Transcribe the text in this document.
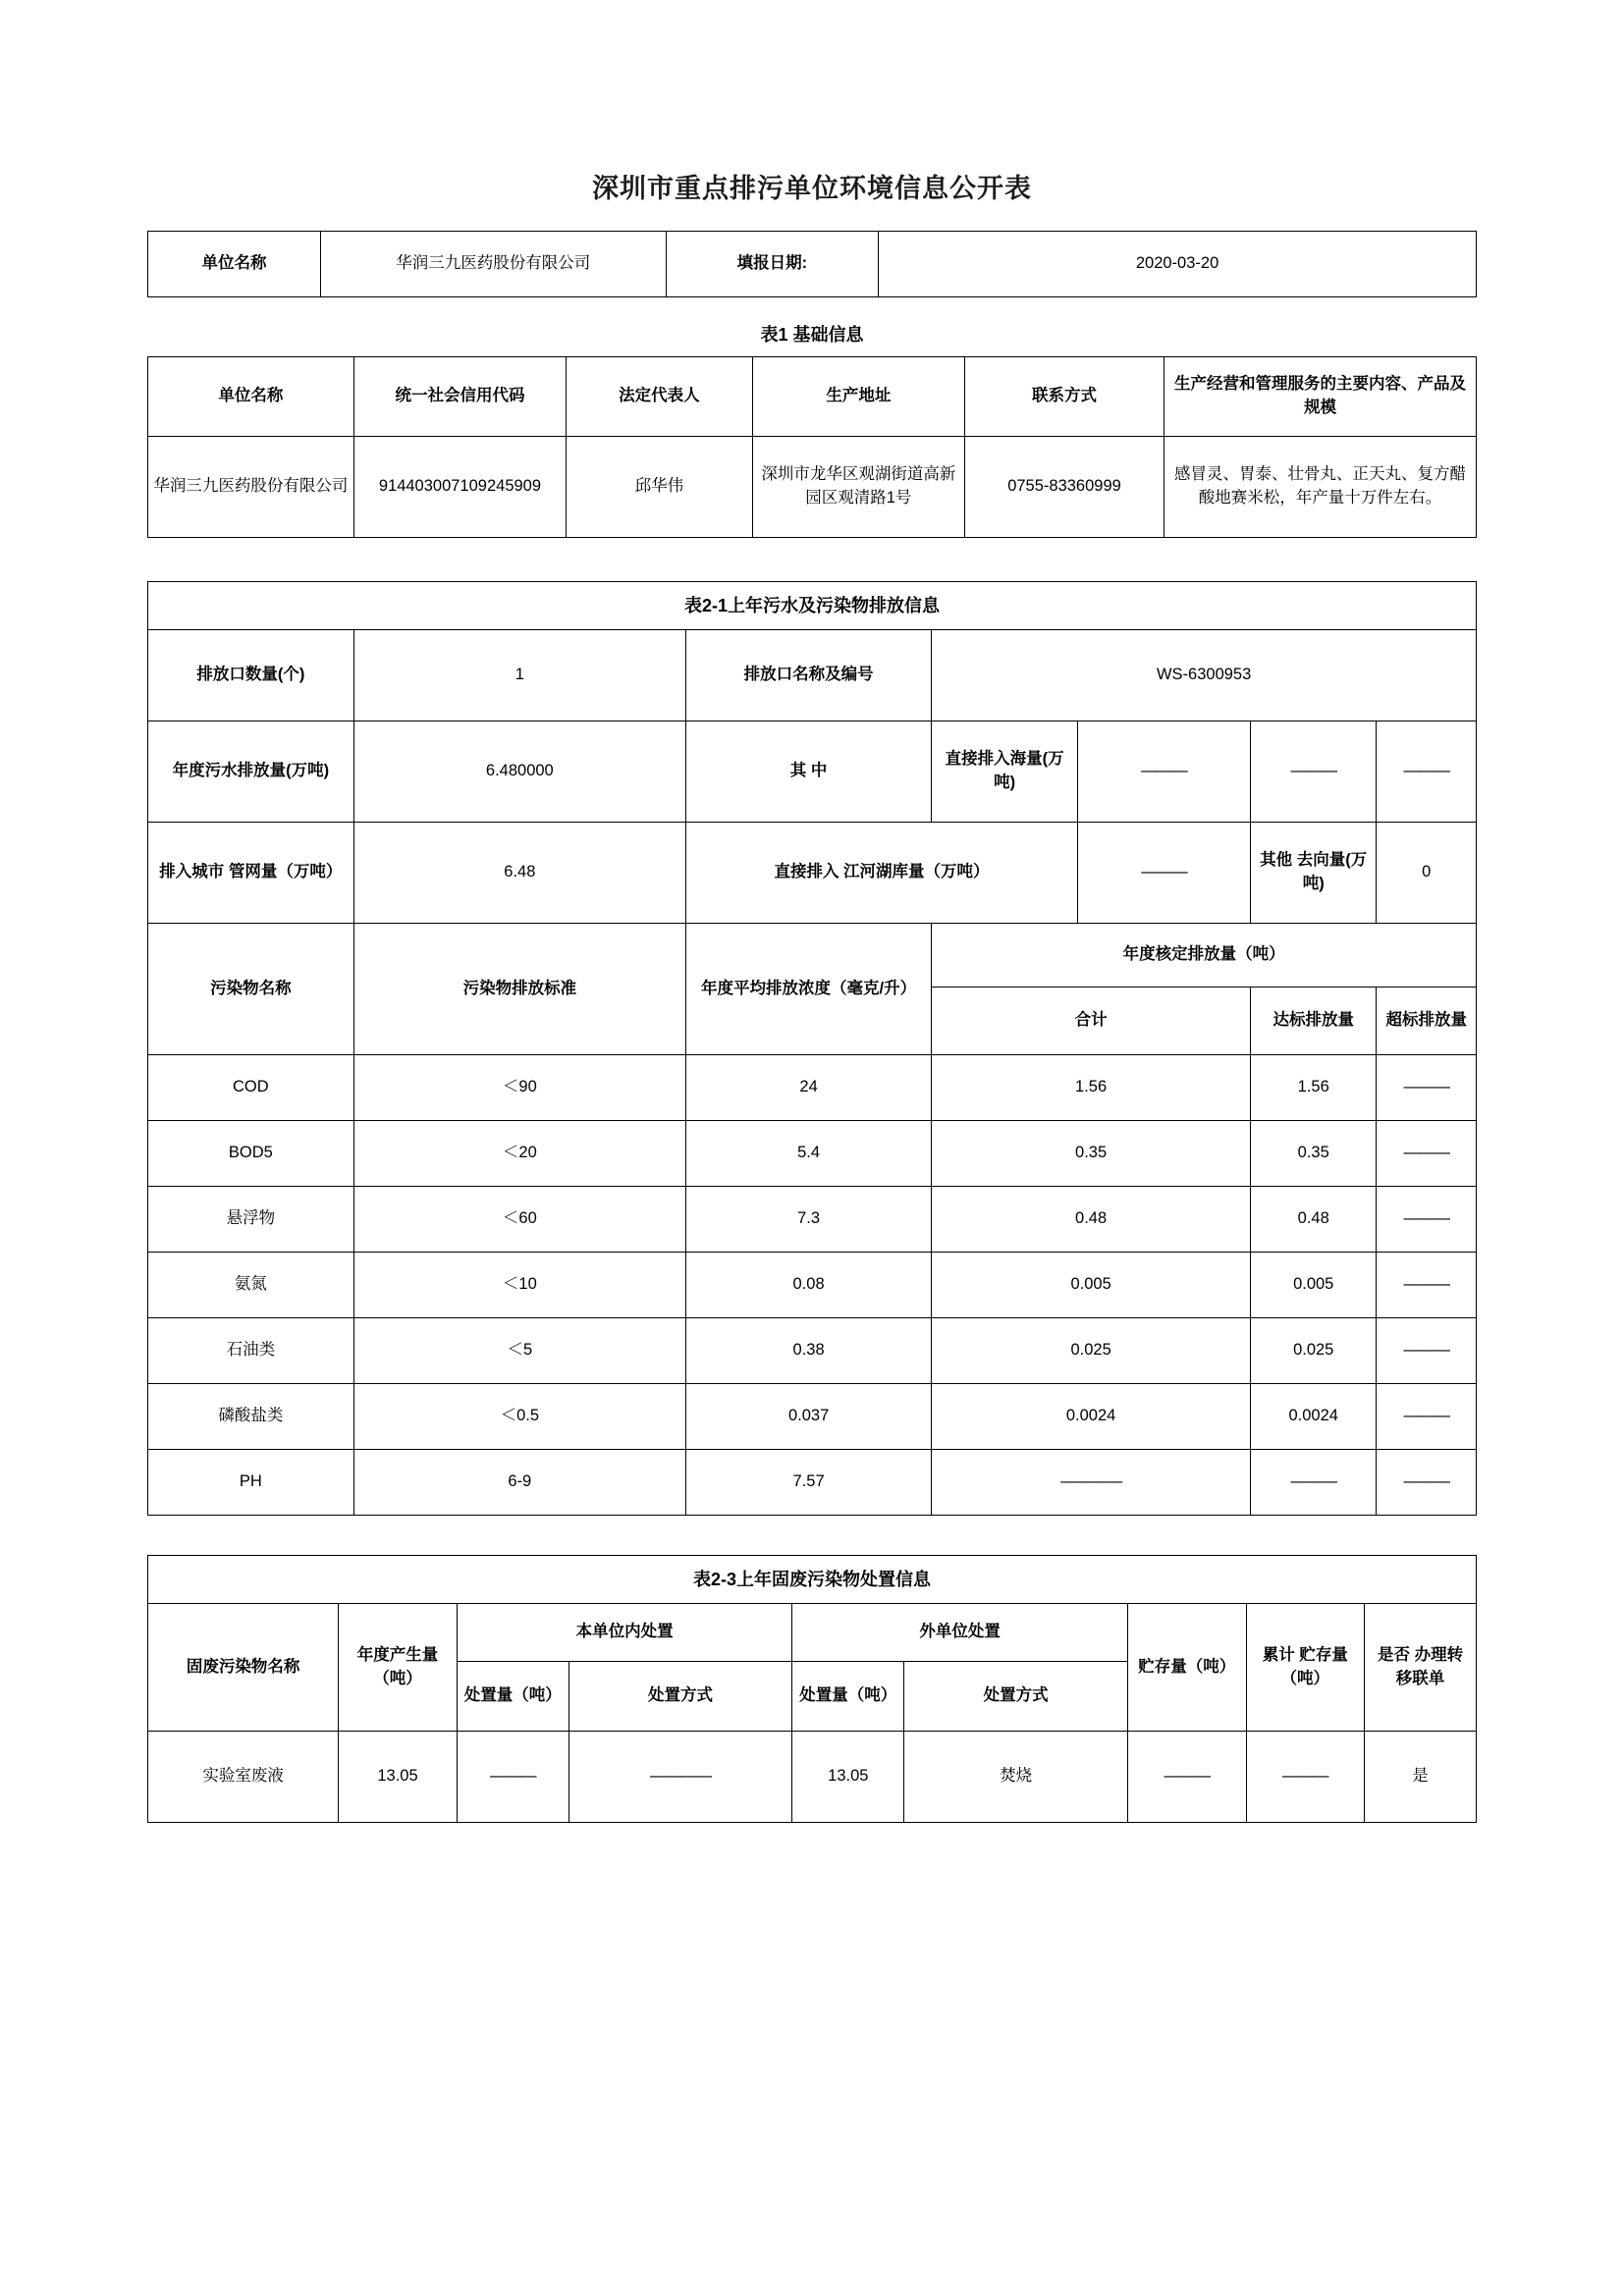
深圳市重点排污单位环境信息公开表
单位名称	华润三九医药股份有限公司	填报日期:	2020-03-20
表1 基础信息
单位名称	统一社会信用代码	法定代表人	生产地址	联系方式	生产经营和管理服务的主要内容、产品及规模
华润三九医药股份有限公司	914403007109245909	邱华伟	深圳市龙华区观湖街道高新园区观清路1号	0755-83360999	感冒灵、胃泰、壮骨丸、正天丸、复方醋酸地赛米松，年产量十万件左右。
表2-1上年污水及污染物排放信息						
排放口数量(个)	1	排放口名称及编号	WS-6300953			
年度污水排放量(万吨)	6.480000	其 中	直接排入海量(万吨)	———	———	———
排入城市 管网量（万吨）	6.48	直接排入 江河湖库量（万吨）		———	其他 去向量(万吨)	0
污染物名称	污染物排放标准	年度平均排放浓度（毫克/升）	年度核定排放量（吨）			
			合计		达标排放量	超标排放量
COD	＜90	24	1.56		1.56	———
BOD5	＜20	5.4	0.35		0.35	———
悬浮物	＜60	7.3	0.48		0.48	———
氨氮	＜10	0.08	0.005		0.005	———
石油类	＜5	0.38	0.025		0.025	———
磷酸盐类	＜0.5	0.037	0.0024		0.0024	———
PH	6-9	7.57	————		———	———
表2-3上年固废污染物处置信息								
固废污染物名称	年度产生量（吨）	本单位内处置		外单位处置		贮存量（吨）	累计 贮存量（吨）	是否 办理转移联单
		处置量（吨）	处置方式	处置量（吨）	处置方式			
实验室废液	13.05	———	————	13.05	焚烧	———	———	是
